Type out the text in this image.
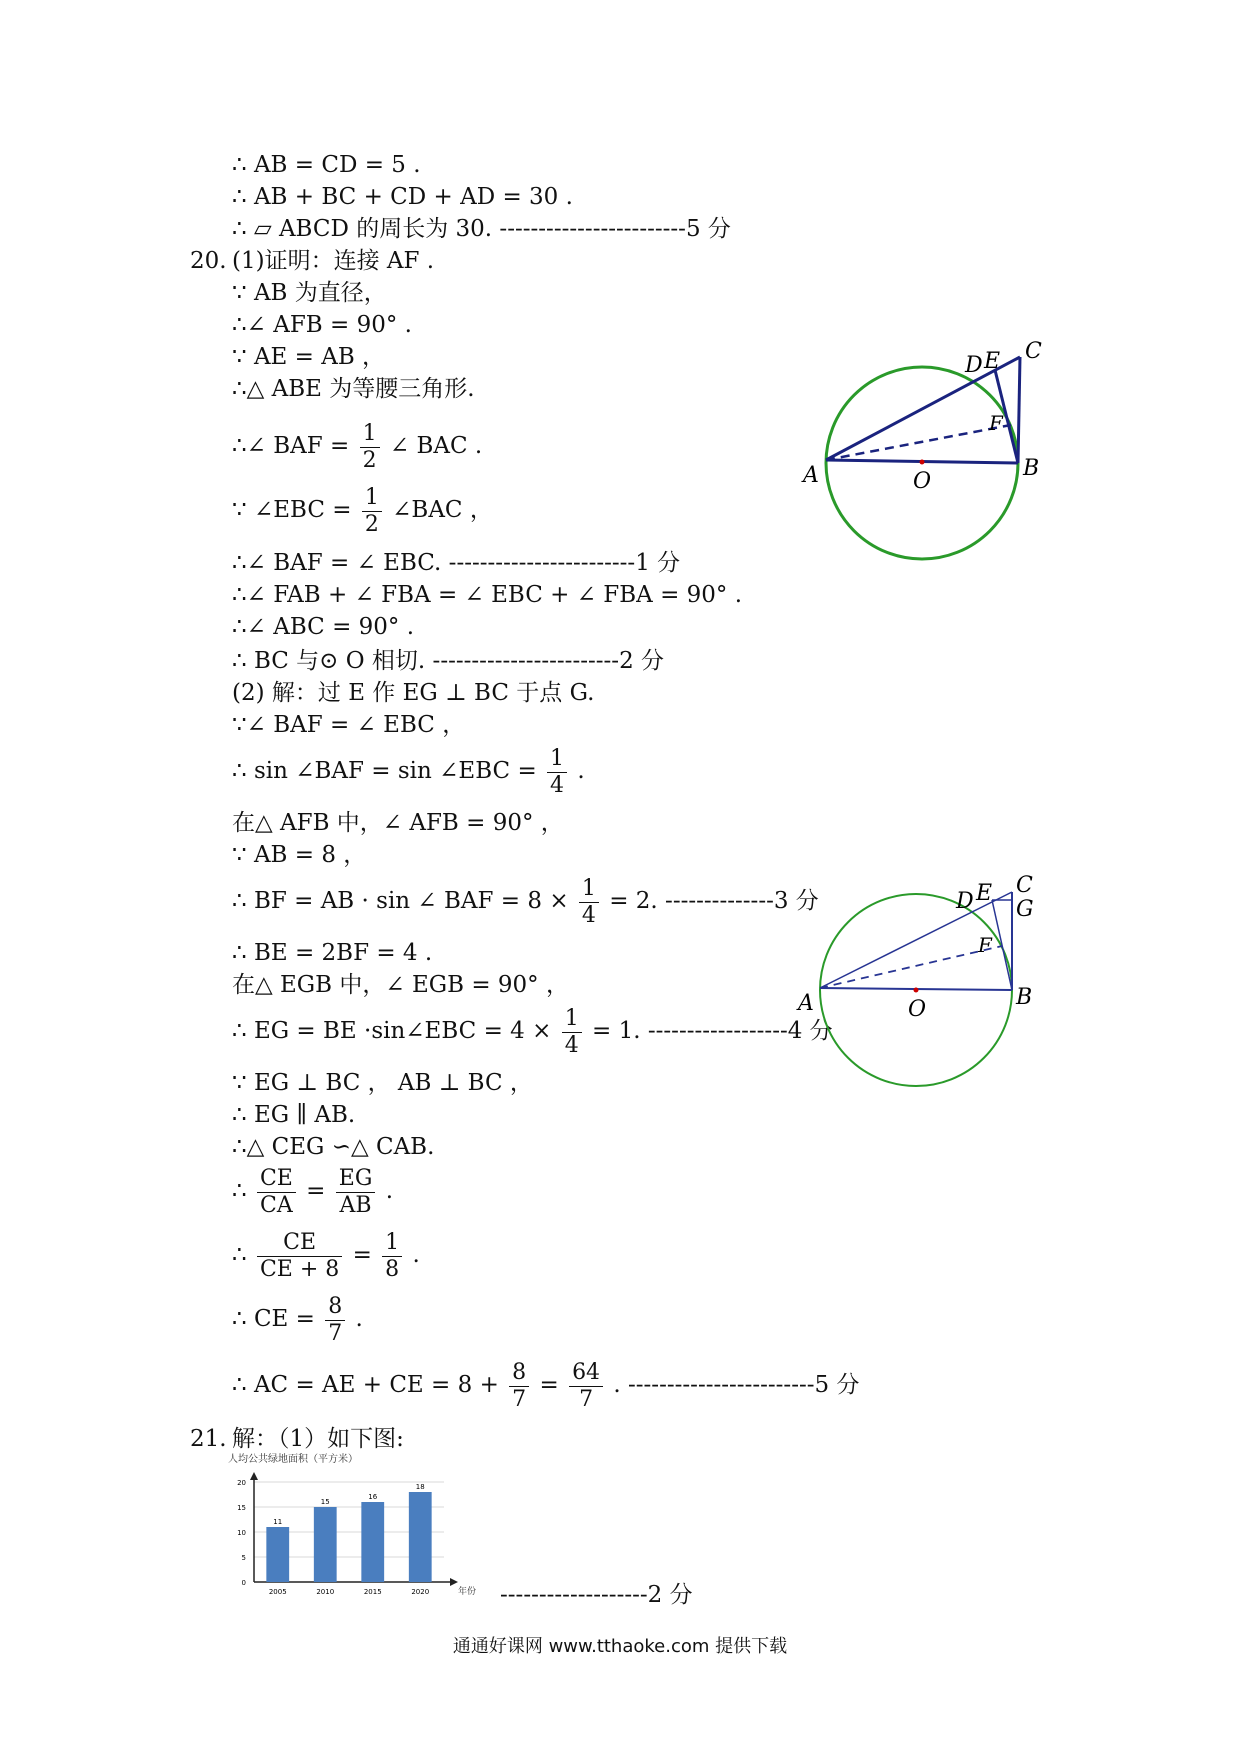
∴ AB = CD = 5 .
∴ AB + BC + CD + AD = 30 .
∴ ▱ ABCD 的周长为 30. ------------------------5 分
20. (1)证明：连接 AF .
∵ AB 为直径，
∴∠ AFB = 90° .
∵ AE = AB ，
∴△ ABE 为等腰三角形.
∴∠ BAF = $\frac{1}{2}$ ∠ BAC .
∵ ∠EBC = $\frac{1}{2}$ ∠BAC ，
∴∠ BAF = ∠ EBC. ------------------------1 分
∴∠ FAB + ∠ FBA = ∠ EBC + ∠ FBA = 90° .
∴∠ ABC = 90° .
∴ BC 与⊙ O 相切. ------------------------2 分
(2) 解：过 E 作 EG ⊥ BC 于点 G.
∵∠ BAF = ∠ EBC ，
∴ sin ∠BAF = sin ∠EBC = $\frac{1}{4}$ .
在△ AFB 中，∠ AFB = 90° ，
∵ AB = 8 ，
∴ BF = AB · sin ∠ BAF = $8 \times \frac{1}{4} = 2$. --------------3 分
∴ BE = 2BF = 4 .
在△ EGB 中，∠ EGB = 90° ，
∴ EG = BE ·sin∠EBC = $4 \times \frac{1}{4} = 1$. ------------------4 分
∵ EG ⊥ BC ， AB ⊥ BC ，
∴ EG ∥ AB.
∴△ CEG ∽△ CAB.
∴ $\frac{CE}{CA} = \frac{EG}{AB}$ .
∴ $\frac{CE}{CE + 8} = \frac{1}{8}$ .
∴ CE = $\frac{8}{7}$ .
∴ AC = AE + CE = $8 + \frac{8}{7} = \frac{64}{7}$ . ------------------------5 分
21. 解：（1）如下图:
-------------------2 分
A	O
B
C
D E
F
A	O	B
C
D E
F
G
人均公共绿地面积（平方米）
0
5
10
15
20
年份
11
2005
15
2010
16
2015
18
2020
通通好课网 www.tthaoke.com 提供下载
